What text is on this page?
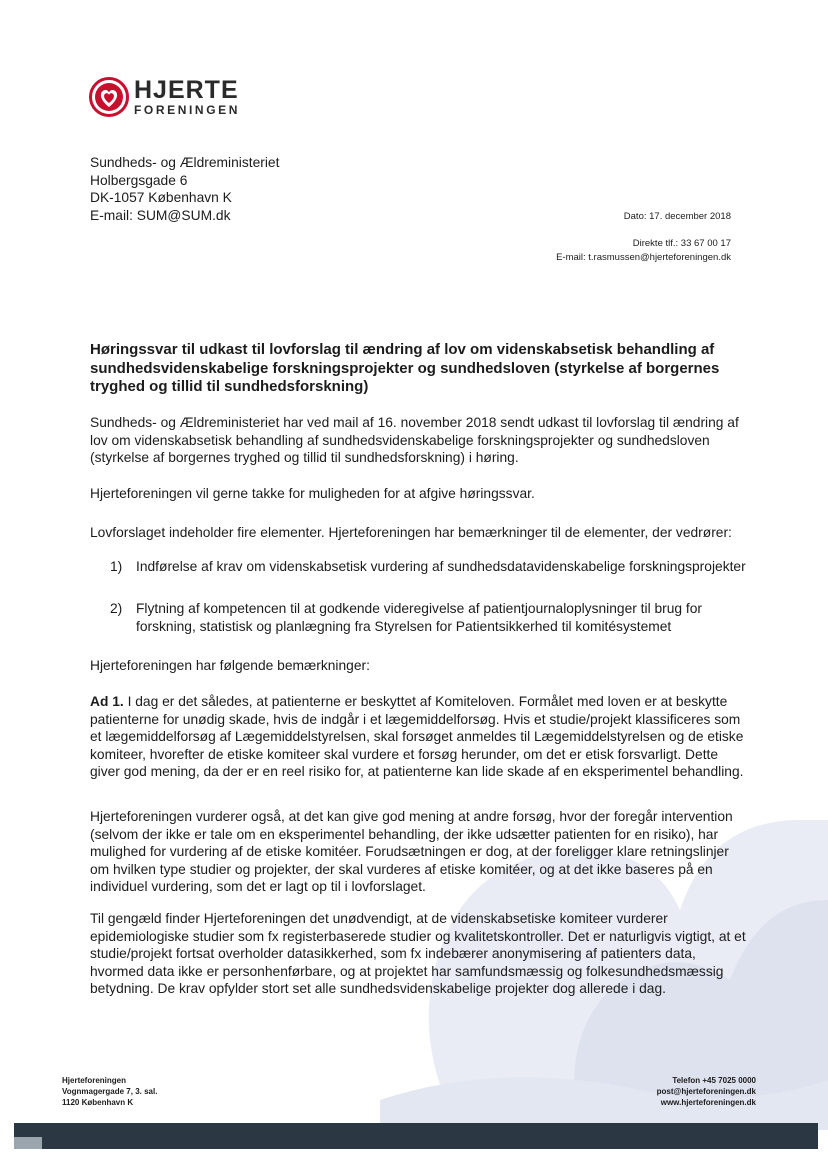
HJERTE
FORENINGEN
Sundheds- og Ældreministeriet
Holbergsgade 6
DK-1057 København K
E-mail: SUM@SUM.dk	Dato: 17. december 2018
Direkte tlf.: 33 67 00 17
E-mail: t.rasmussen@hjerteforeningen.dk
Høringssvar til udkast til lovforslag til ændring af lov om videnskabsetisk behandling af sundhedsvidenskabelige forskningsprojekter og sundhedsloven (styrkelse af borgernes tryghed og tillid til sundhedsforskning)

Sundheds- og Ældreministeriet har ved mail af 16. november 2018 sendt udkast til lovforslag til ændring af lov om videnskabsetisk behandling af sundhedsvidenskabelige forskningsprojekter og sundhedsloven (styrkelse af borgernes tryghed og tillid til sundhedsforskning) i høring.

Hjerteforeningen vil gerne takke for muligheden for at afgive høringssvar.

Lovforslaget indeholder fire elementer. Hjerteforeningen har bemærkninger til de elementer, der vedrører:

1) Indførelse af krav om videnskabsetisk vurdering af sundhedsdatavidenskabelige forskningsprojekter
2) Flytning af kompetencen til at godkende videregivelse af patientjournaloplysninger til brug for forskning, statistisk og planlægning fra Styrelsen for Patientsikkerhed til komitésystemet

Hjerteforeningen har følgende bemærkninger:

Ad 1. I dag er det således, at patienterne er beskyttet af Komiteloven. Formålet med loven er at beskytte patienterne for unødig skade, hvis de indgår i et lægemiddelforsøg. Hvis et studie/projekt klassificeres som et lægemiddelforsøg af Lægemiddelstyrelsen, skal forsøget anmeldes til Lægemiddelstyrelsen og de etiske komiteer, hvorefter de etiske komiteer skal vurdere et forsøg herunder, om det er etisk forsvarligt. Dette giver god mening, da der er en reel risiko for, at patienterne kan lide skade af en eksperimentel behandling.

Hjerteforeningen vurderer også, at det kan give god mening at andre forsøg, hvor der foregår intervention (selvom der ikke er tale om en eksperimentel behandling, der ikke udsætter patienten for en risiko), har mulighed for vurdering af de etiske komitéer. Forudsætningen er dog, at der foreligger klare retningslinjer om hvilken type studier og projekter, der skal vurderes af etiske komitéer, og at det ikke baseres på en individuel vurdering, som det er lagt op til i lovforslaget.

Til gengæld finder Hjerteforeningen det unødvendigt, at de videnskabsetiske komiteer vurderer epidemiologiske studier som fx registerbaserede studier og kvalitetskontroller. Det er naturligvis vigtigt, at et studie/projekt fortsat overholder datasikkerhed, som fx indebærer anonymisering af patienters data, hvormed data ikke er personhenførbare, og at projektet har samfundsmæssig og folkesundhedsmæssig betydning. De krav opfylder stort set alle sundhedsvidenskabelige projekter dog allerede i dag.

Hjerteforeningen
Vognmagergade 7, 3. sal.
1120 København K
Telefon +45 7025 0000
post@hjerteforeningen.dk
www.hjerteforeningen.dk
